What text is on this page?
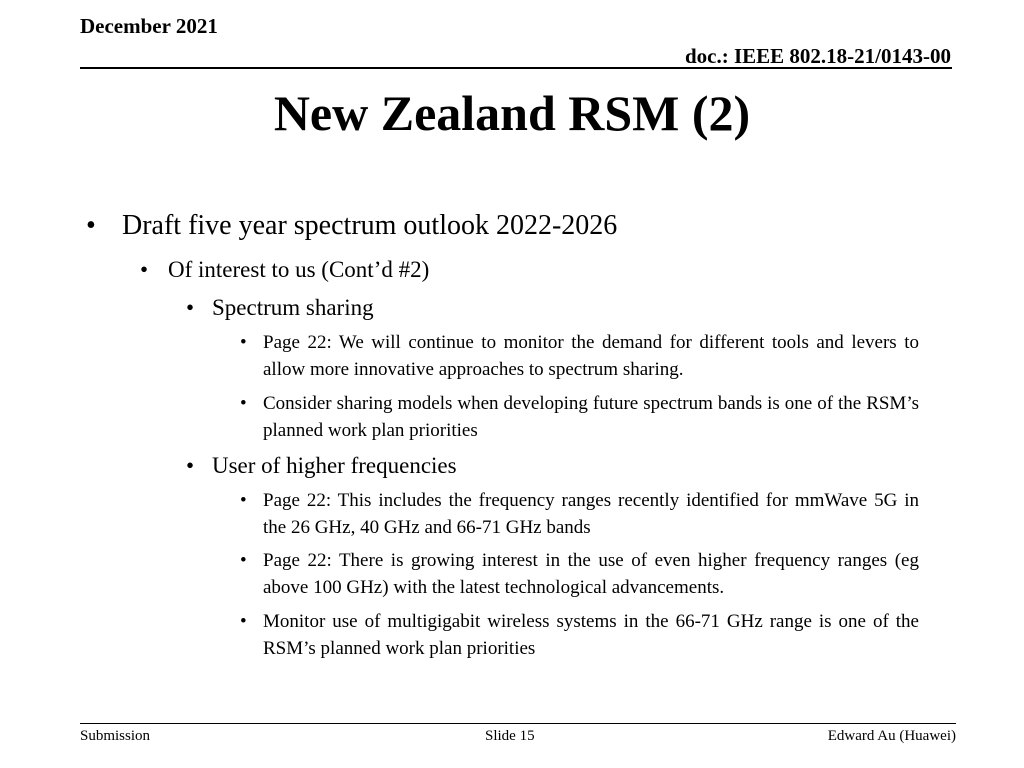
December 2021
doc.: IEEE 802.18-21/0143-00
New Zealand RSM (2)
• Draft five year spectrum outlook 2022-2026
• Of interest to us (Cont’d #2)
• Spectrum sharing
• Page 22: We will continue to monitor the demand for different tools and levers to allow more innovative approaches to spectrum sharing.
• Consider sharing models when developing future spectrum bands is one of the RSM’s planned work plan priorities
• User of higher frequencies
• Page 22: This includes the frequency ranges recently identified for mmWave 5G in the 26 GHz, 40 GHz and 66-71 GHz bands
• Page 22: There is growing interest in the use of even higher frequency ranges (eg above 100 GHz) with the latest technological advancements.
• Monitor use of multigigabit wireless systems in the 66-71 GHz range is one of the RSM’s planned work plan priorities
Submission	Slide 15	Edward Au (Huawei)
